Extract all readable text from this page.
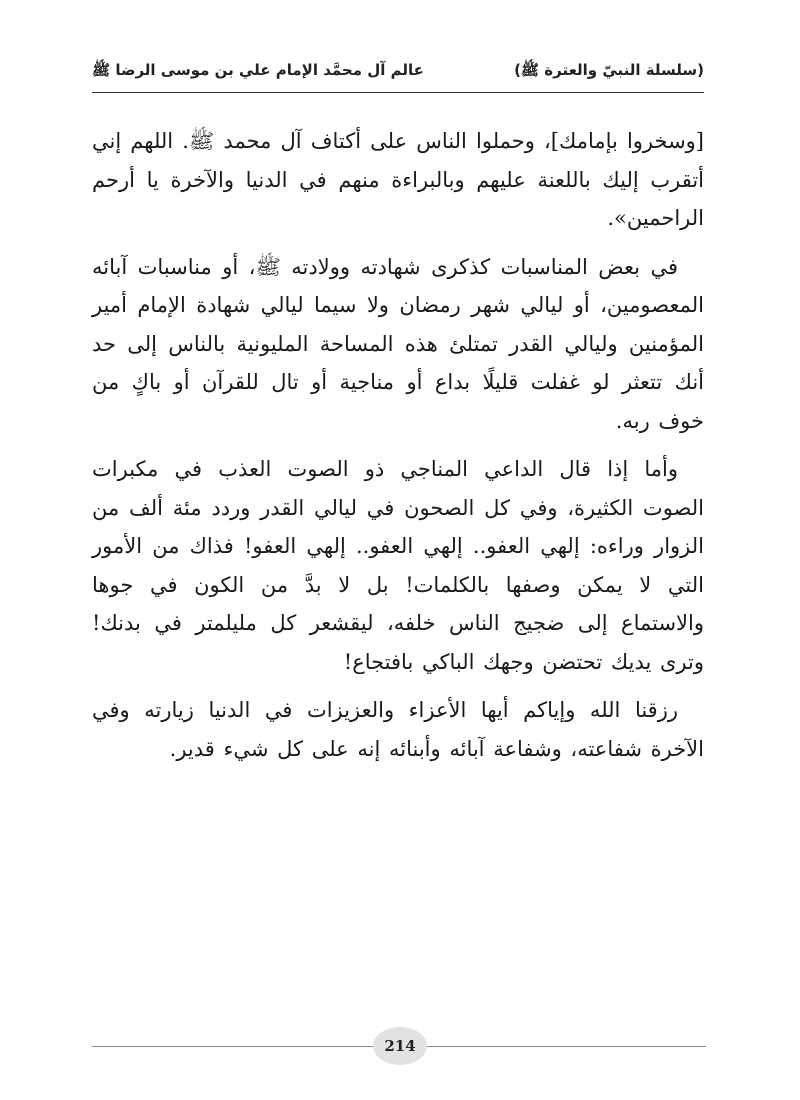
(سلسلة النبيّ والعترة ﷺ)
عالم آل محمَّد الإمام علي بن موسى الرضا ﷺ

[وسخروا بإمامك]، وحملوا الناس على أكتاف آل محمد ﷺ. اللهم إني أتقرب إليك باللعنة عليهم وبالبراءة منهم في الدنيا والآخرة يا أرحم الراحمين».

في بعض المناسبات كذكرى شهادته وولادته ﷺ، أو مناسبات آبائه المعصومين، أو ليالي شهر رمضان ولا سيما ليالي شهادة الإمام أمير المؤمنين وليالي القدر تمتلئ هذه المساحة المليونية بالناس إلى حد أنك تتعثر لو غفلت قليلًا بداع أو مناجية أو تال للقرآن أو باكٍ من خوف ربه.

وأما إذا قال الداعي المناجي ذو الصوت العذب في مكبرات الصوت الكثيرة، وفي كل الصحون في ليالي القدر وردد مئة ألف من الزوار وراءه: إلهي العفو.. إلهي العفو.. إلهي العفو! فذاك من الأمور التي لا يمكن وصفها بالكلمات! بل لا بدَّ من الكون في جوها والاستماع إلى ضجيج الناس خلفه، ليقشعر كل مليلمتر في بدنك! وترى يديك تحتضن وجهك الباكي بافتجاع!

رزقنا الله وإياكم أيها الأعزاء والعزيزات في الدنيا زيارته وفي الآخرة شفاعته، وشفاعة آبائه وأبنائه إنه على كل شيء قدير.

214
